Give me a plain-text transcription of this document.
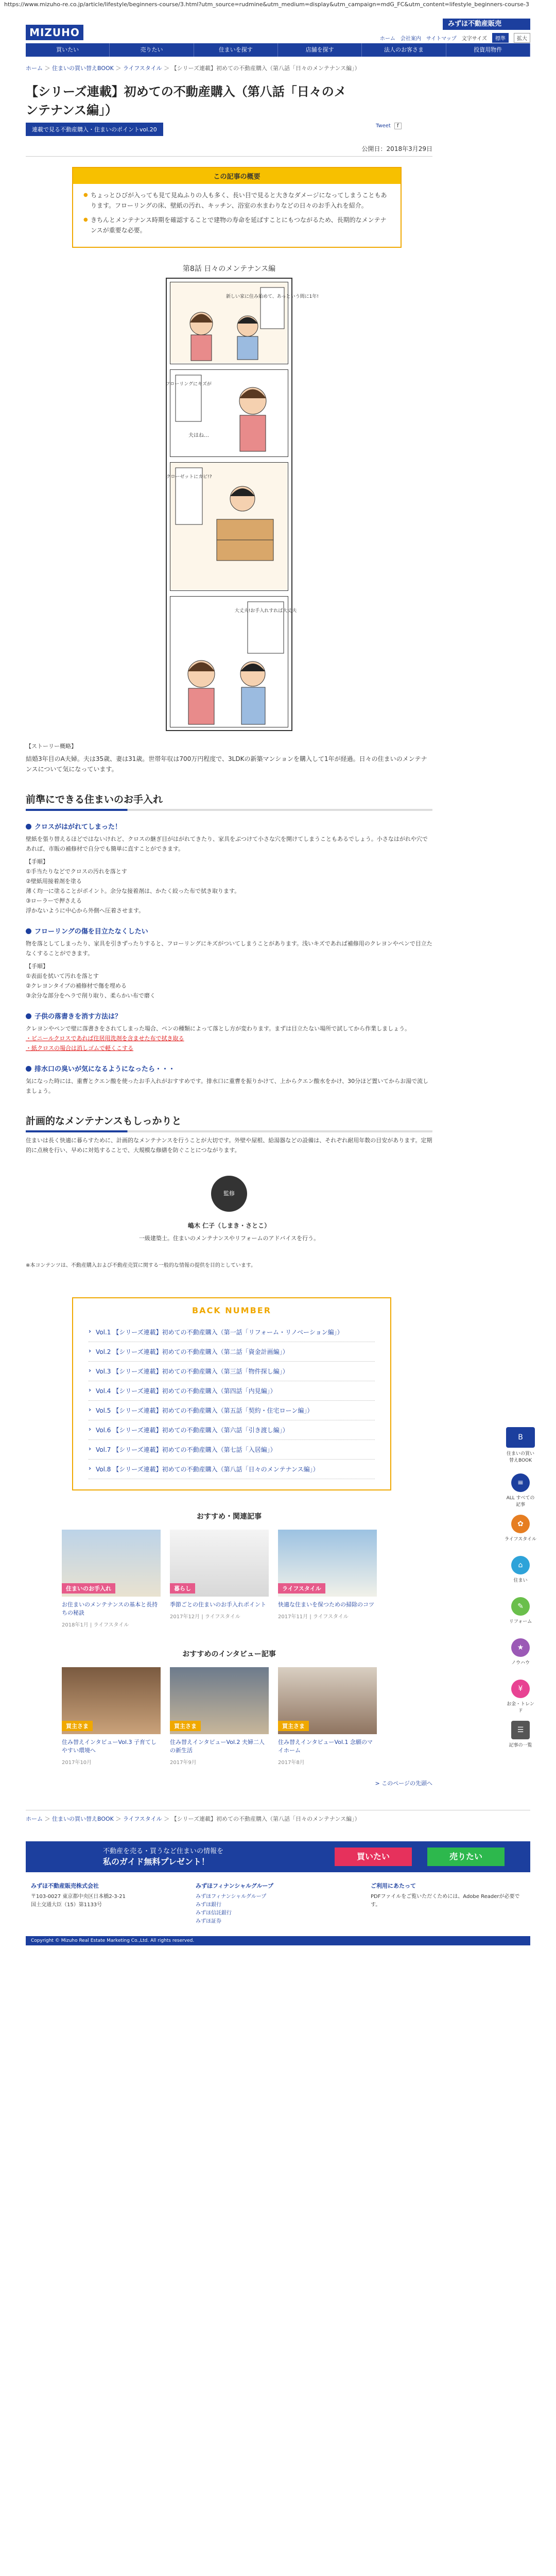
https://www.mizuho-re.co.jp/article/lifestyle/beginners-course/3.html?utm_source=rudmine&utm_medium=display&utm_campaign=mdG_FC&utm_content=lifestyle_beginners-course-3
MIZUHO
みずほ不動産販売
ホーム 会社案内 サイトマップ 文字サイズ	標準	拡大
買いたい	売りたい	住まいを探す	店舗を探す	法人のお客さま	投資用物件
ホーム ＞ 住まいの買い替えBOOK ＞ ライフスタイル ＞ 【シリーズ連載】初めての不動産購入（第八話「日々のメンテナンス編」）
【シリーズ連載】初めての不動産購入（第八話「日々のメンテナンス編」）
連載で見る不動産購入・住まいのポイントvol.20
Tweet f
公開日：2018年3月29日
この記事の概要
● ちょっとひびが入っても見て見ぬふりの人も多く、長い目で見ると大きなダメージになってしまうこともあります。フローリングの床、壁紙の汚れ、キッチン、浴室の水まわりなどの日々のお手入れを紹介。
● きちんとメンテナンス時期を確認することで建物の寿命を延ばすことにもつながるため、長期的なメンテナンスが重要な必要。
第8話 日々のメンテナンス編
新しい家に住み始めて、あっという間に1年!
フローリングにキズが
夫はね…
クローゼットにカビ!?
大丈夫!お手入れすれば大丈夫
【ストーリー概略】
結婚3年目のA夫婦。夫は35歳、妻は31歳。世帯年収は700万円程度で、3LDKの新築マンションを購入して1年が経過。日々の住まいのメンテナンスについて気になっています。
前準にできる住まいのお手入れ
クロスがはがれてしまった！
壁紙を張り替えるほどではないけれど、クロスの継ぎ目がはがれてきたり、家具をぶつけて小さな穴を開けてしまうこともあるでしょう。小さなはがれや穴であれば、市販の補修材で自分でも簡単に直すことができます。
【手順】
①手当たりなどでクロスの汚れを落とす
②壁紙用接着剤を塗る
薄く均一に塗ることがポイント。余分な接着剤は、かたく絞った布で拭き取ります。
③ローラーで押さえる
浮かないように中心から外側へ圧着させます。
フローリングの傷を目立たなくしたい
物を落としてしまったり、家具を引きずったりすると、フローリングにキズがついてしまうことがあります。浅いキズであれば補修用のクレヨンやペンで目立たなくすることができます。
【手順】
①表面を拭いて汚れを落とす
②クレヨンタイプの補修材で傷を埋める
③余分な部分をヘラで削り取り、柔らかい布で磨く
子供の落書きを消す方法は？
クレヨンやペンで壁に落書きをされてしまった場合、ペンの種類によって落とし方が変わります。まずは目立たない場所で試してから作業しましょう。
・ビニールクロスであれば住居用洗剤を含ませた布で拭き取る
・紙クロスの場合は消しゴムで軽くこする
排水口の臭いが気になるようになったら・・・
気になった時には、重曹とクエン酸を使ったお手入れがおすすめです。排水口に重曹を振りかけて、上からクエン酸水をかけ、30分ほど置いてからお湯で流しましょう。
計画的なメンテナンスもしっかりと
住まいは長く快適に暮らすために、計画的なメンテナンスを行うことが大切です。外壁や屋根、給湯器などの設備は、それぞれ耐用年数の目安があります。定期的に点検を行い、早めに対処することで、大規模な修繕を防ぐことにつながります。
監修
嶋木 仁子（しまき・さとこ）
一級建築士。住まいのメンテナンスやリフォームのアドバイスを行う。
※本コンテンツは、不動産購入および不動産売買に関する一般的な情報の提供を目的としています。
BACK NUMBER
› Vol.1 【シリーズ連載】初めての不動産購入（第一話「リフォーム・リノベーション編」）
› Vol.2 【シリーズ連載】初めての不動産購入（第二話「資金計画編」）
› Vol.3 【シリーズ連載】初めての不動産購入（第三話「物件探し編」）
› Vol.4 【シリーズ連載】初めての不動産購入（第四話「内見編」）
› Vol.5 【シリーズ連載】初めての不動産購入（第五話「契約・住宅ローン編」）
› Vol.6 【シリーズ連載】初めての不動産購入（第六話「引き渡し編」）
› Vol.7 【シリーズ連載】初めての不動産購入（第七話「入居編」）
› Vol.8 【シリーズ連載】初めての不動産購入（第八話「日々のメンテナンス編」）
おすすめ・関連記事
住まいのお手入れ
お住まいのメンテナンスの基本と長持ちの秘訣
2018年1月 | ライフスタイル
暮らし
季節ごとの住まいのお手入れポイント
2017年12月 | ライフスタイル
ライフスタイル
快適な住まいを保つための掃除のコツ
2017年11月 | ライフスタイル
おすすめのインタビュー記事
買主さま
住み替えインタビューVol.3 子育てしやすい環境へ
2017年10月
買主さま
住み替えインタビューVol.2 夫婦二人の新生活
2017年9月
買主さま
住み替えインタビューVol.1 念願のマイホーム
2017年8月
> このページの先頭へ
B
住まいの買い替えBOOK
≡
ALL すべての記事
✿
ライフスタイル
⌂
住まい
✎
リフォーム
★
ノウハウ
¥
お金・トレンド
☰
記事の一覧
ホーム ＞ 住まいの買い替えBOOK ＞ ライフスタイル ＞ 【シリーズ連載】初めての不動産購入（第八話「日々のメンテナンス編」）
不動産を売る・買うなど住まいの情報を
私のガイド無料プレゼント！
買いたい	売りたい
みずほ不動産販売株式会社
〒103-0027 東京都中央区日本橋2-3-21
国土交通大臣（15）第1133号
みずほフィナンシャルグループ
みずほフィナンシャルグループ
みずほ銀行
みずほ信託銀行
みずほ証券
ご利用にあたって
PDFファイルをご覧いただくためには、Adobe Readerが必要です。
Copyright © Mizuho Real Estate Marketing Co.,Ltd. All rights reserved.
